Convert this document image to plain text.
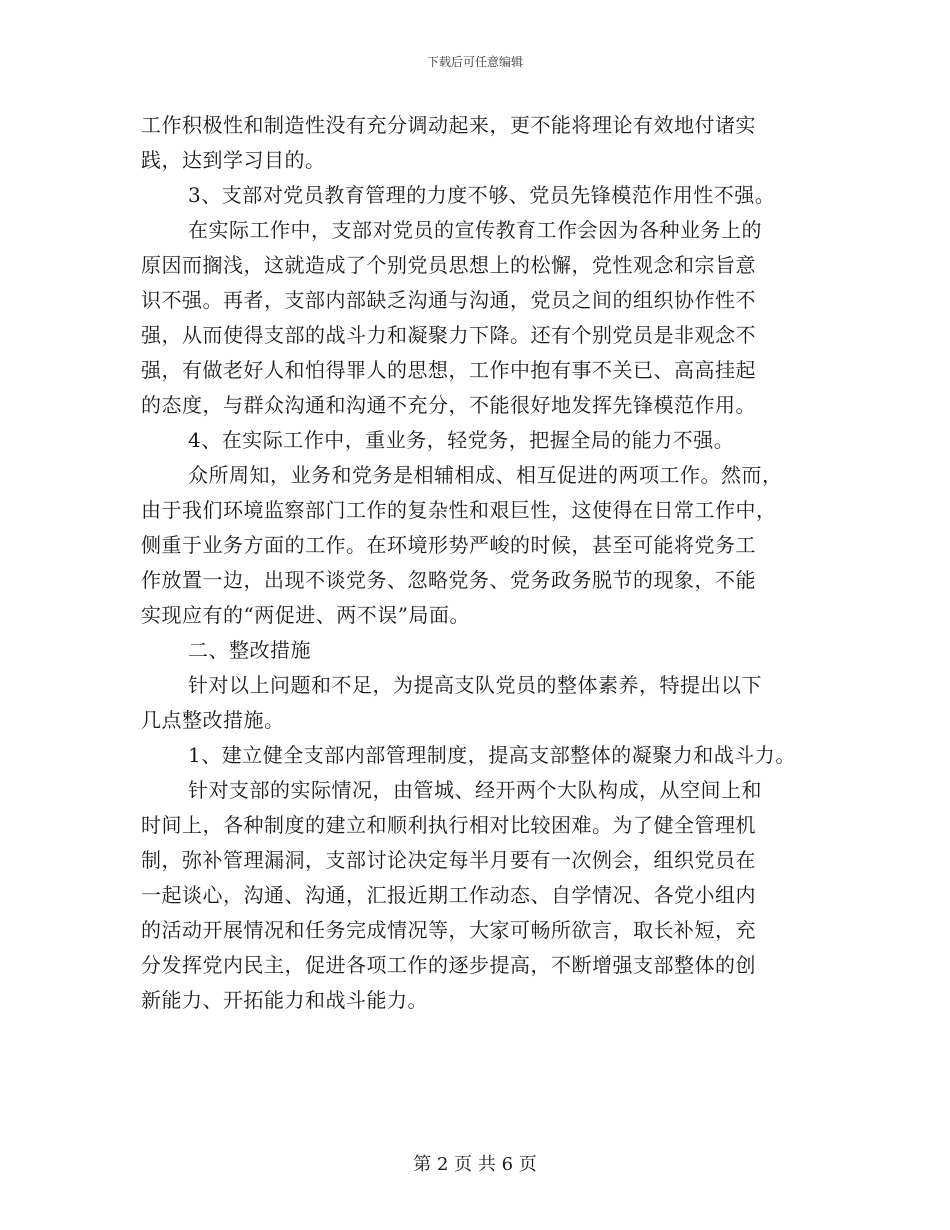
下载后可任意编辑
工作积极性和制造性没有充分调动起来，更不能将理论有效地付诸实
践，达到学习目的。
3、支部对党员教育管理的力度不够、党员先锋模范作用性不强。
在实际工作中，支部对党员的宣传教育工作会因为各种业务上的
原因而搁浅，这就造成了个别党员思想上的松懈，党性观念和宗旨意
识不强。再者，支部内部缺乏沟通与沟通，党员之间的组织协作性不
强，从而使得支部的战斗力和凝聚力下降。还有个别党员是非观念不
强，有做老好人和怕得罪人的思想，工作中抱有事不关已、高高挂起
的态度，与群众沟通和沟通不充分，不能很好地发挥先锋模范作用。
4、在实际工作中，重业务，轻党务，把握全局的能力不强。
众所周知，业务和党务是相辅相成、相互促进的两项工作。然而，
由于我们环境监察部门工作的复杂性和艰巨性，这使得在日常工作中，
侧重于业务方面的工作。在环境形势严峻的时候，甚至可能将党务工
作放置一边，出现不谈党务、忽略党务、党务政务脱节的现象，不能
实现应有的“两促进、两不误”局面。
二、整改措施
针对以上问题和不足，为提高支队党员的整体素养，特提出以下
几点整改措施。
1、建立健全支部内部管理制度，提高支部整体的凝聚力和战斗力。
针对支部的实际情况，由管城、经开两个大队构成，从空间上和
时间上，各种制度的建立和顺利执行相对比较困难。为了健全管理机
制，弥补管理漏洞，支部讨论决定每半月要有一次例会，组织党员在
一起谈心，沟通、沟通，汇报近期工作动态、自学情况、各党小组内
的活动开展情况和任务完成情况等，大家可畅所欲言，取长补短，充
分发挥党内民主，促进各项工作的逐步提高，不断增强支部整体的创
新能力、开拓能力和战斗能力。
第 2 页 共 6 页
